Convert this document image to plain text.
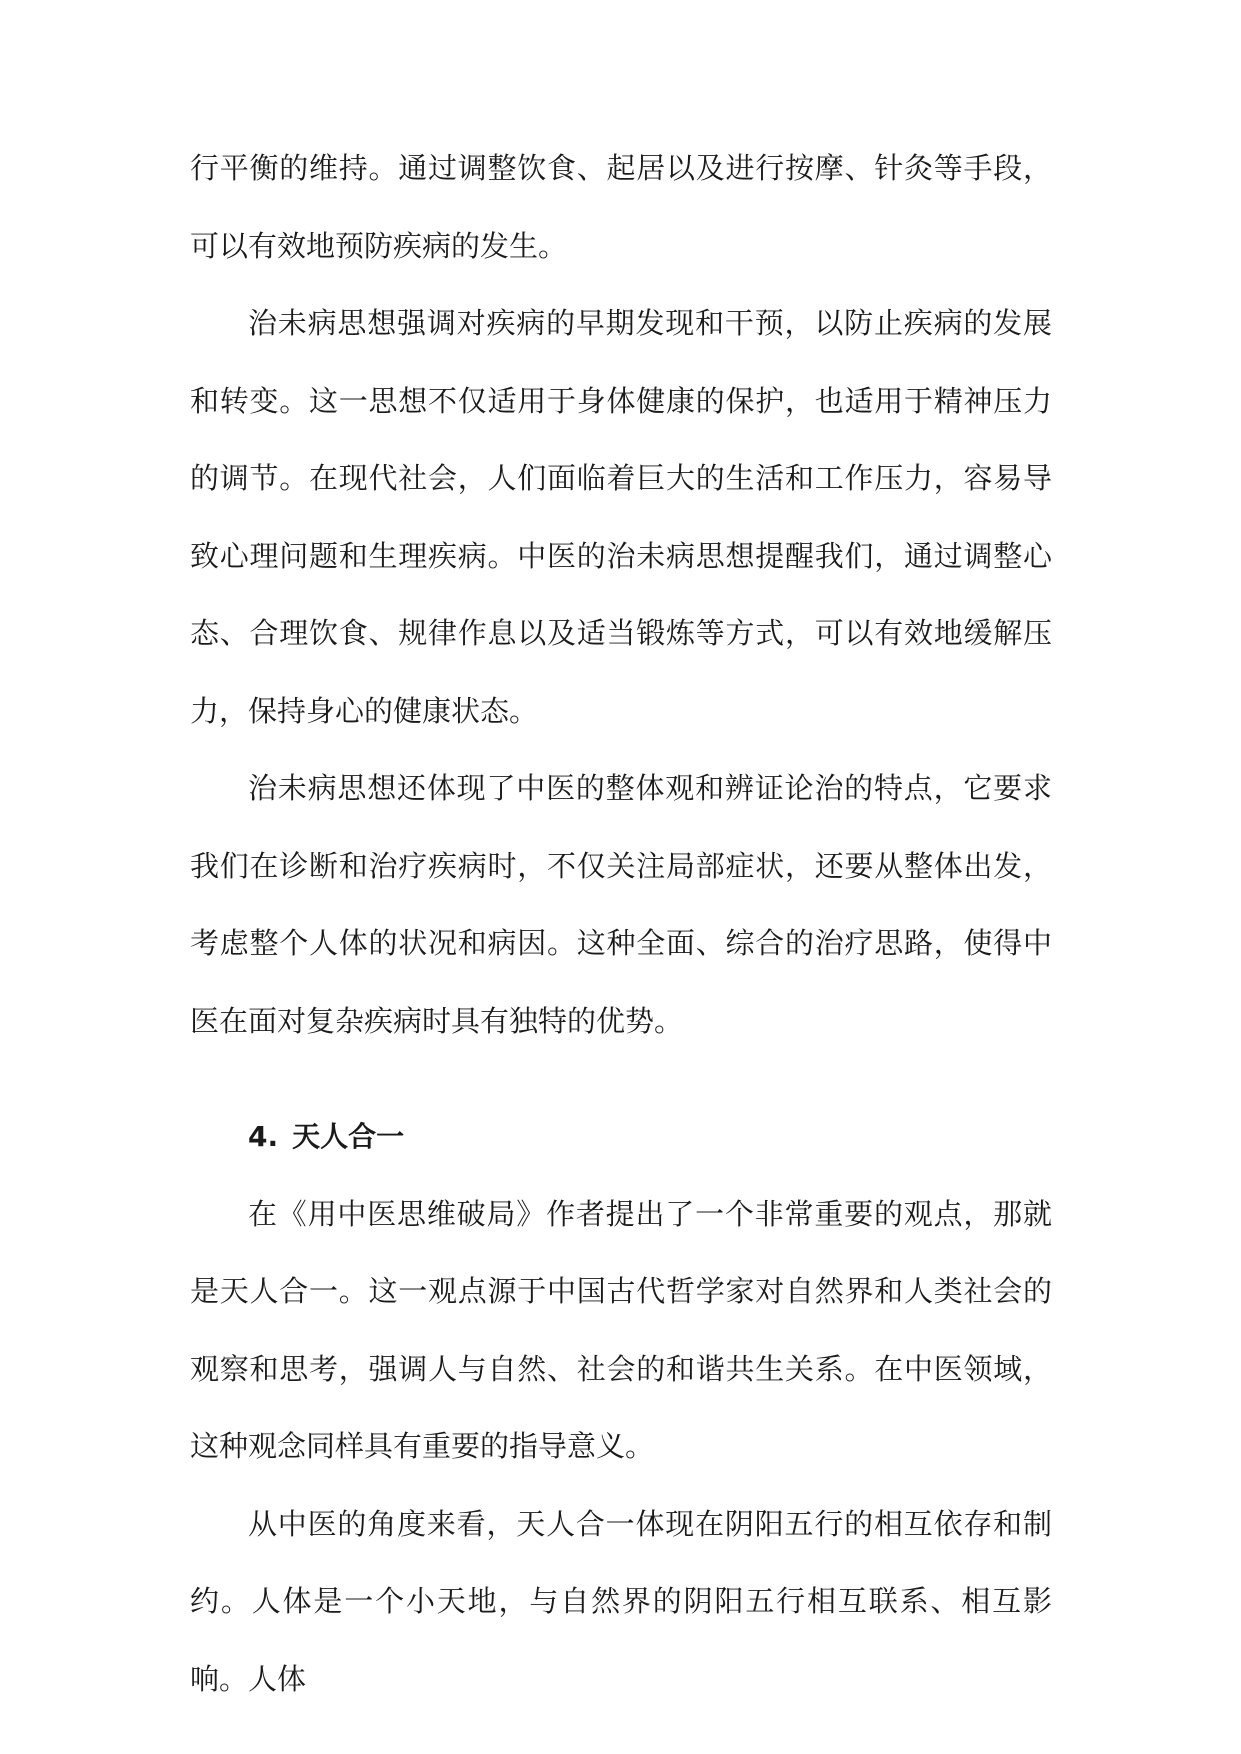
行平衡的维持。通过调整饮食、起居以及进行按摩、针灸等手段，可以有效地预防疾病的发生。

治未病思想强调对疾病的早期发现和干预，以防止疾病的发展和转变。这一思想不仅适用于身体健康的保护，也适用于精神压力的调节。在现代社会，人们面临着巨大的生活和工作压力，容易导致心理问题和生理疾病。中医的治未病思想提醒我们，通过调整心态、合理饮食、规律作息以及适当锻炼等方式，可以有效地缓解压力，保持身心的健康状态。

治未病思想还体现了中医的整体观和辨证论治的特点，它要求我们在诊断和治疗疾病时，不仅关注局部症状，还要从整体出发，考虑整个人体的状况和病因。这种全面、综合的治疗思路，使得中医在面对复杂疾病时具有独特的优势。

4. 天人合一

在《用中医思维破局》作者提出了一个非常重要的观点，那就是天人合一。这一观点源于中国古代哲学家对自然界和人类社会的观察和思考，强调人与自然、社会的和谐共生关系。在中医领域，这种观念同样具有重要的指导意义。

从中医的角度来看，天人合一体现在阴阳五行的相互依存和制约。人体是一个小天地，与自然界的阴阳五行相互联系、相互影响。人体
